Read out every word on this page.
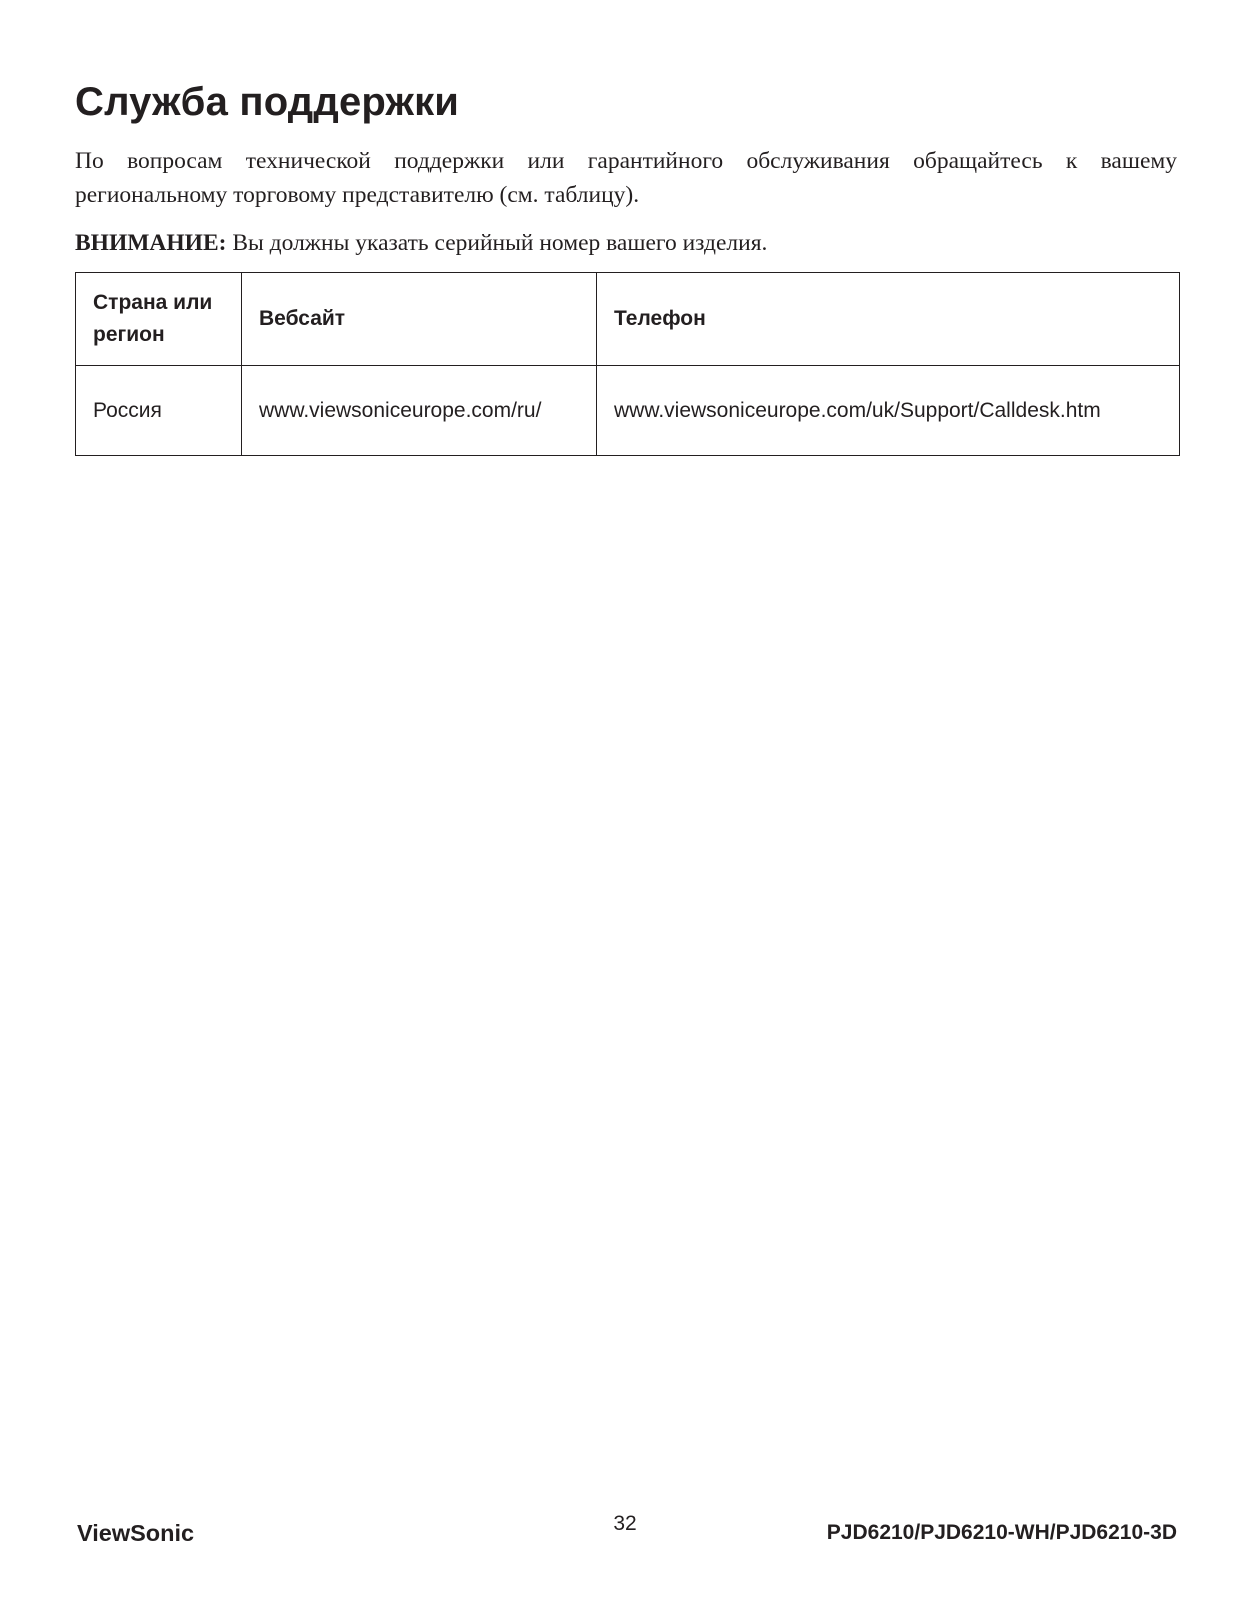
Служба поддержки

По вопросам технической поддержки или гарантийного обслуживания обращайтесь к вашему региональному торговому представителю (см. таблицу).

ВНИМАНИЕ: Вы должны указать серийный номер вашего изделия.

Страна или регион	Вебсайт	Телефон
Россия	www.viewsoniceurope.com/ru/	www.viewsoniceurope.com/uk/Support/Calldesk.htm
ViewSonic	32	PJD6210/PJD6210-WH/PJD6210-3D
